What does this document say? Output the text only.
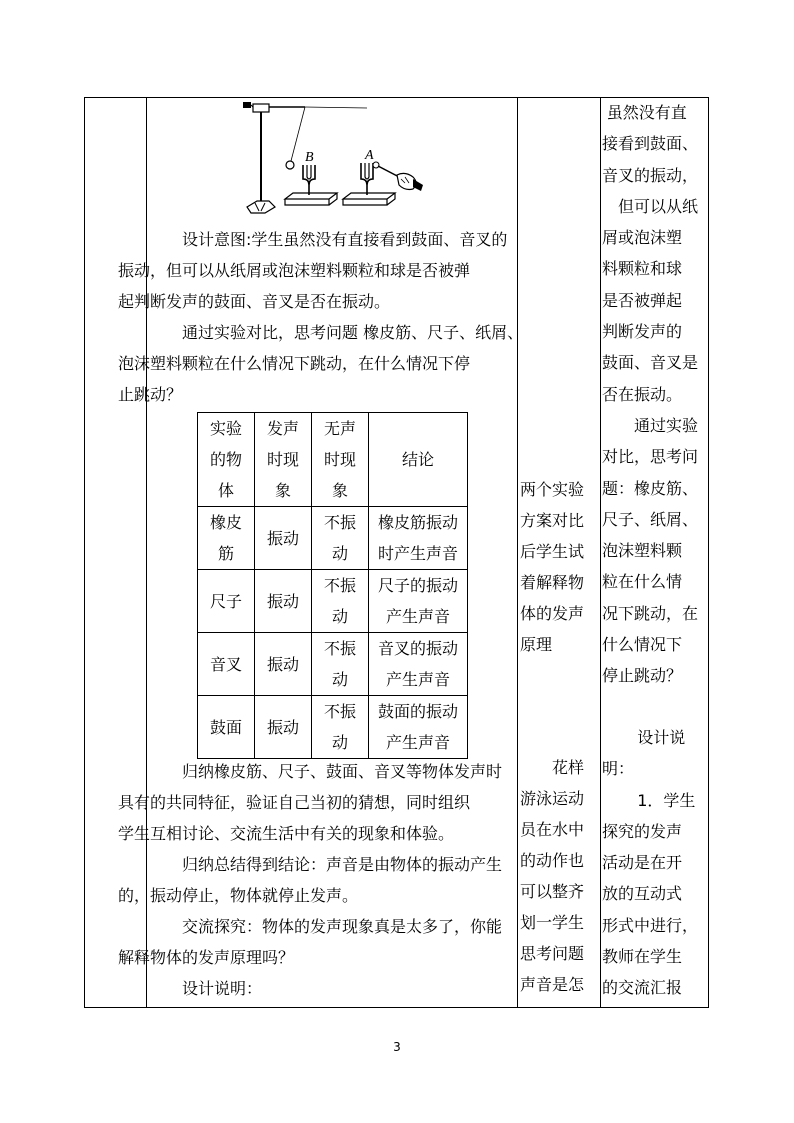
B	A

设计意图:学生虽然没有直接看到鼓面、音叉的
振动，但可以从纸屑或泡沫塑料颗粒和球是否被弹
起判断发声的鼓面、音叉是否在振动。

通过实验对比，思考问题 橡皮筋、尺子、纸屑、
泡沫塑料颗粒在什么情况下跳动，在什么情况下停
止跳动？

实验
的物
体	发声
时现
象	无声
时现
象	结论
橡皮
筋	振动	不振
动	橡皮筋振动
时产生声音
尺子	振动	不振
动	尺子的振动
产生声音
音叉	振动	不振
动	音叉的振动
产生声音
鼓面	振动	不振
动	鼓面的振动
产生声音

归纳橡皮筋、尺子、鼓面、音叉等物体发声时
具有的共同特征，验证自己当初的猜想，同时组织
学生互相讨论、交流生活中有关的现象和体验。

归纳总结得到结论：声音是由物体的振动产生
的，振动停止，物体就停止发声。

交流探究：物体的发声现象真是太多了，你能
解释物体的发声原理吗？

设计说明：

两个实验
方案对比
后学生试
着解释物
体的发声
原理
花样
游泳运动
员在水中
的动作也
可以整齐
划一学生
思考问题
声音是怎
虽然没有直
接看到鼓面、
音叉的振动，
但可以从纸
屑或泡沫塑
料颗粒和球
是否被弹起
判断发声的
鼓面、音叉是
否在振动。
通过实验
对比，思考问
题：橡皮筋、
尺子、纸屑、
泡沫塑料颗
粒在什么情
况下跳动，在
什么情况下
停止跳动？
设计说
明：
1．学生
探究的发声
活动是在开
放的互动式
形式中进行，
教师在学生
的交流汇报
3
